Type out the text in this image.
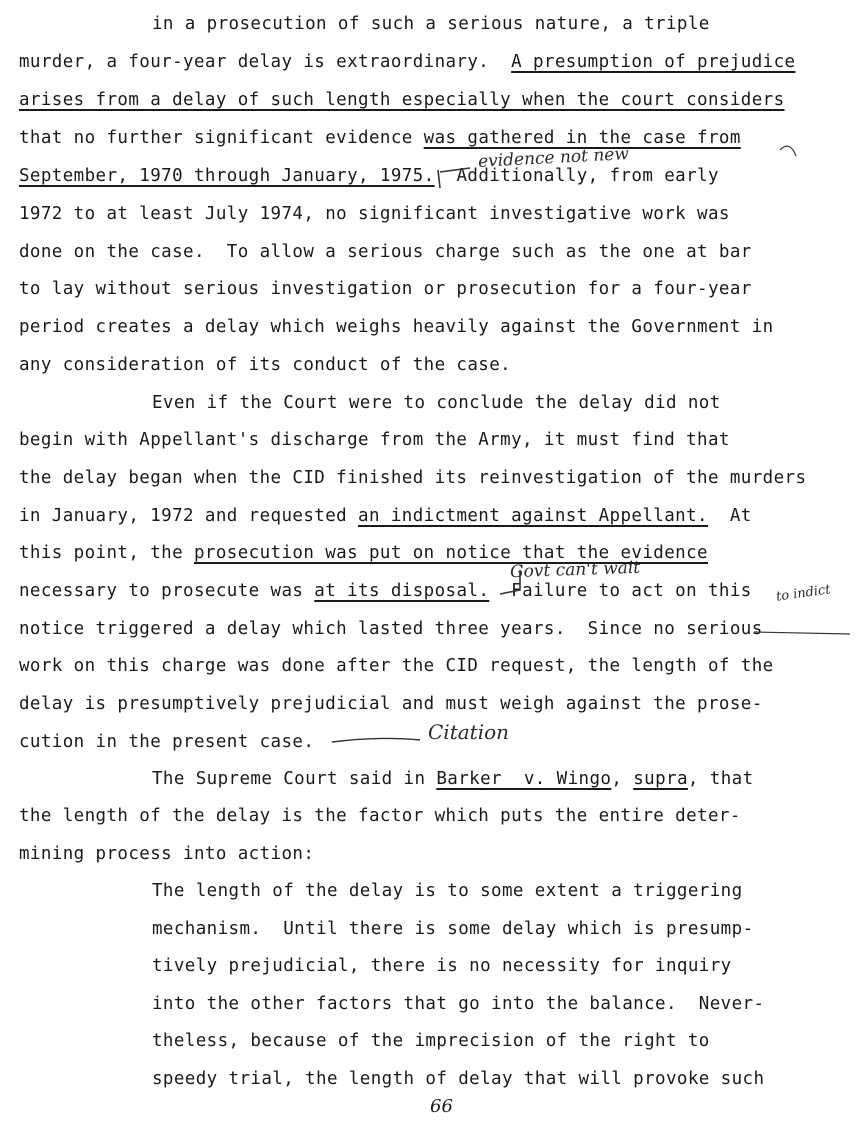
in a prosecution of such a serious nature, a triple
murder, a four-year delay is extraordinary.  A presumption of prejudice
arises from a delay of such length especially when the court considers
that no further significant evidence was gathered in the case from
September, 1970 through January, 1975.  Additionally, from early
1972 to at least July 1974, no significant investigative work was
done on the case.  To allow a serious charge such as the one at bar
to lay without serious investigation or prosecution for a four-year
period creates a delay which weighs heavily against the Government in
any consideration of its conduct of the case.
Even if the Court were to conclude the delay did not
begin with Appellant's discharge from the Army, it must find that
the delay began when the CID finished its reinvestigation of the murders
in January, 1972 and requested an indictment against Appellant.  At
this point, the prosecution was put on notice that the evidence
necessary to prosecute was at its disposal.  Failure to act on this
notice triggered a delay which lasted three years.  Since no serious
work on this charge was done after the CID request, the length of the
delay is presumptively prejudicial and must weigh against the prose-
cution in the present case.
The Supreme Court said in Barker  v. Wingo, supra, that
the length of the delay is the factor which puts the entire deter-
mining process into action:
The length of the delay is to some extent a triggering
mechanism.  Until there is some delay which is presump-
tively prejudicial, there is no necessity for inquiry
into the other factors that go into the balance.  Never-
theless, because of the imprecision of the right to
speedy trial, the length of delay that will provoke such
evidence not new
Govt can't wait
to indict
Citation
66
